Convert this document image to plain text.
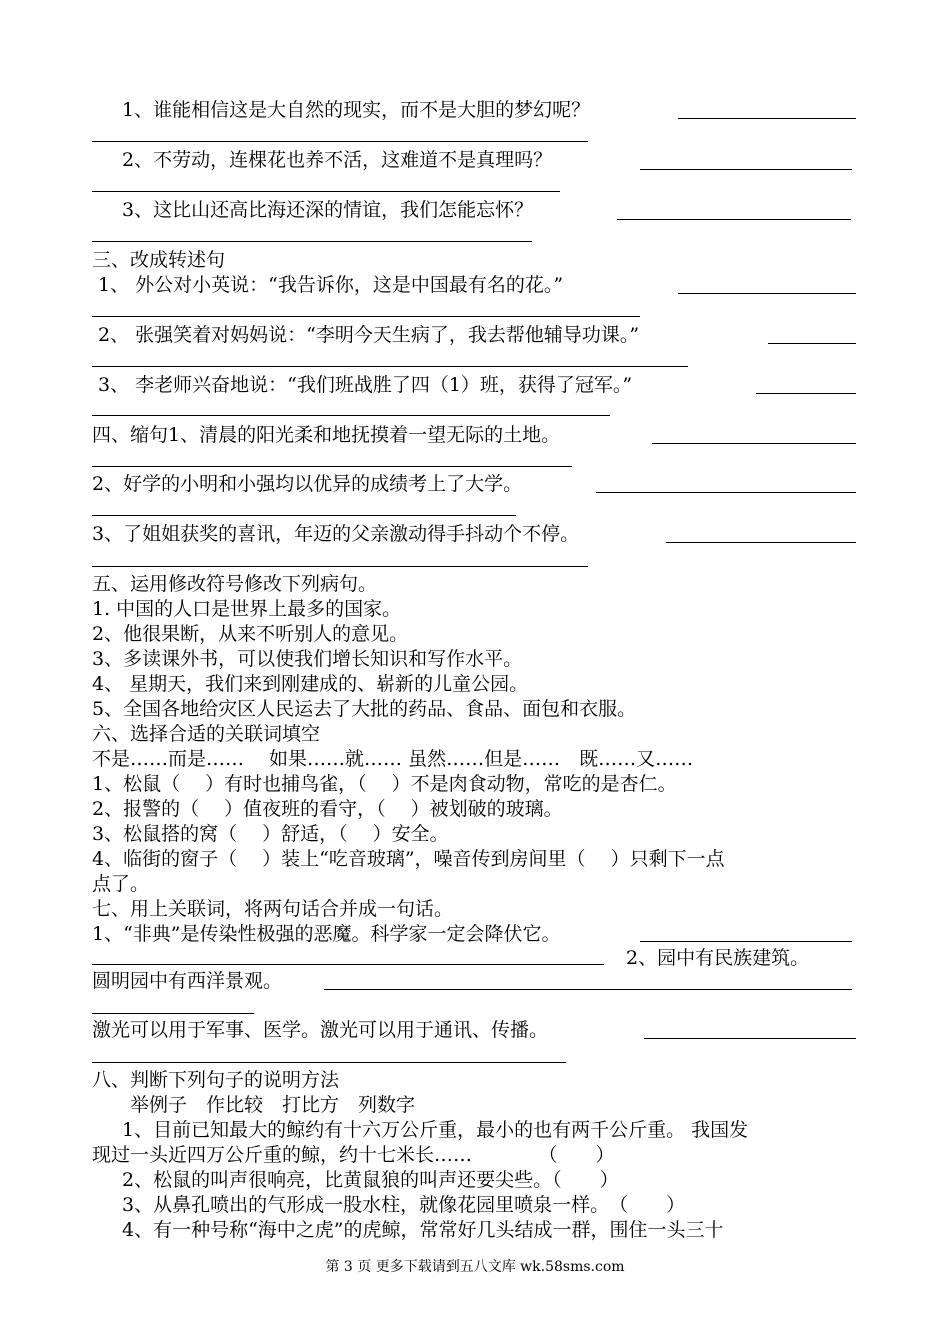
1、谁能相信这是大自然的现实，而不是大胆的梦幻呢？
2、不劳动，连棵花也养不活，这难道不是真理吗？
3、这比山还高比海还深的情谊，我们怎能忘怀？
三、改成转述句
1、 外公对小英说：“我告诉你，这是中国最有名的花。”
2、 张强笑着对妈妈说：“李明今天生病了，我去帮他辅导功课。”
3、 李老师兴奋地说：“我们班战胜了四（1）班，获得了冠军。”
四、缩句1、清晨的阳光柔和地抚摸着一望无际的土地。
2、好学的小明和小强均以优异的成绩考上了大学。
3、了姐姐获奖的喜讯，年迈的父亲激动得手抖动个不停。
五、运用修改符号修改下列病句。
1. 中国的人口是世界上最多的国家。
2、他很果断，从来不听别人的意见。
3、多读课外书，可以使我们增长知识和写作水平。
4、 星期天，我们来到刚建成的、崭新的儿童公园。
5、全国各地给灾区人民运去了大批的药品、食品、面包和衣服。
六、选择合适的关联词填空
不是……而是……　 如果……就…… 虽然……但是……　既……又……
1、松鼠（　 ）有时也捕鸟雀，（　 ）不是肉食动物，常吃的是杏仁。
2、报警的（　 ）值夜班的看守，（　 ）被划破的玻璃。
3、松鼠搭的窝（　 ）舒适，（　 ）安全。
4、临街的窗子（　 ）装上“吃音玻璃”，噪音传到房间里（　 ）只剩下一点
点了。
七、用上关联词，将两句话合并成一句话。
1、“非典”是传染性极强的恶魔。科学家一定会降伏它。
2、园中有民族建筑。
圆明园中有西洋景观。
激光可以用于军事、医学。激光可以用于通讯、传播。
八、判断下列句子的说明方法
举例子　作比较　打比方　列数字
1、目前已知最大的鲸约有十六万公斤重，最小的也有两千公斤重。 我国发
现过一头近四万公斤重的鲸，约十七米长……　　　　（　　）
2、松鼠的叫声很响亮，比黄鼠狼的叫声还要尖些。（　　）
3、从鼻孔喷出的气形成一股水柱，就像花园里喷泉一样。　（　　）
4、有一种号称“海中之虎”的虎鲸，常常好几头结成一群，围住一头三十
第 3 页 更多下载请到五八文库 wk.58sms.com
